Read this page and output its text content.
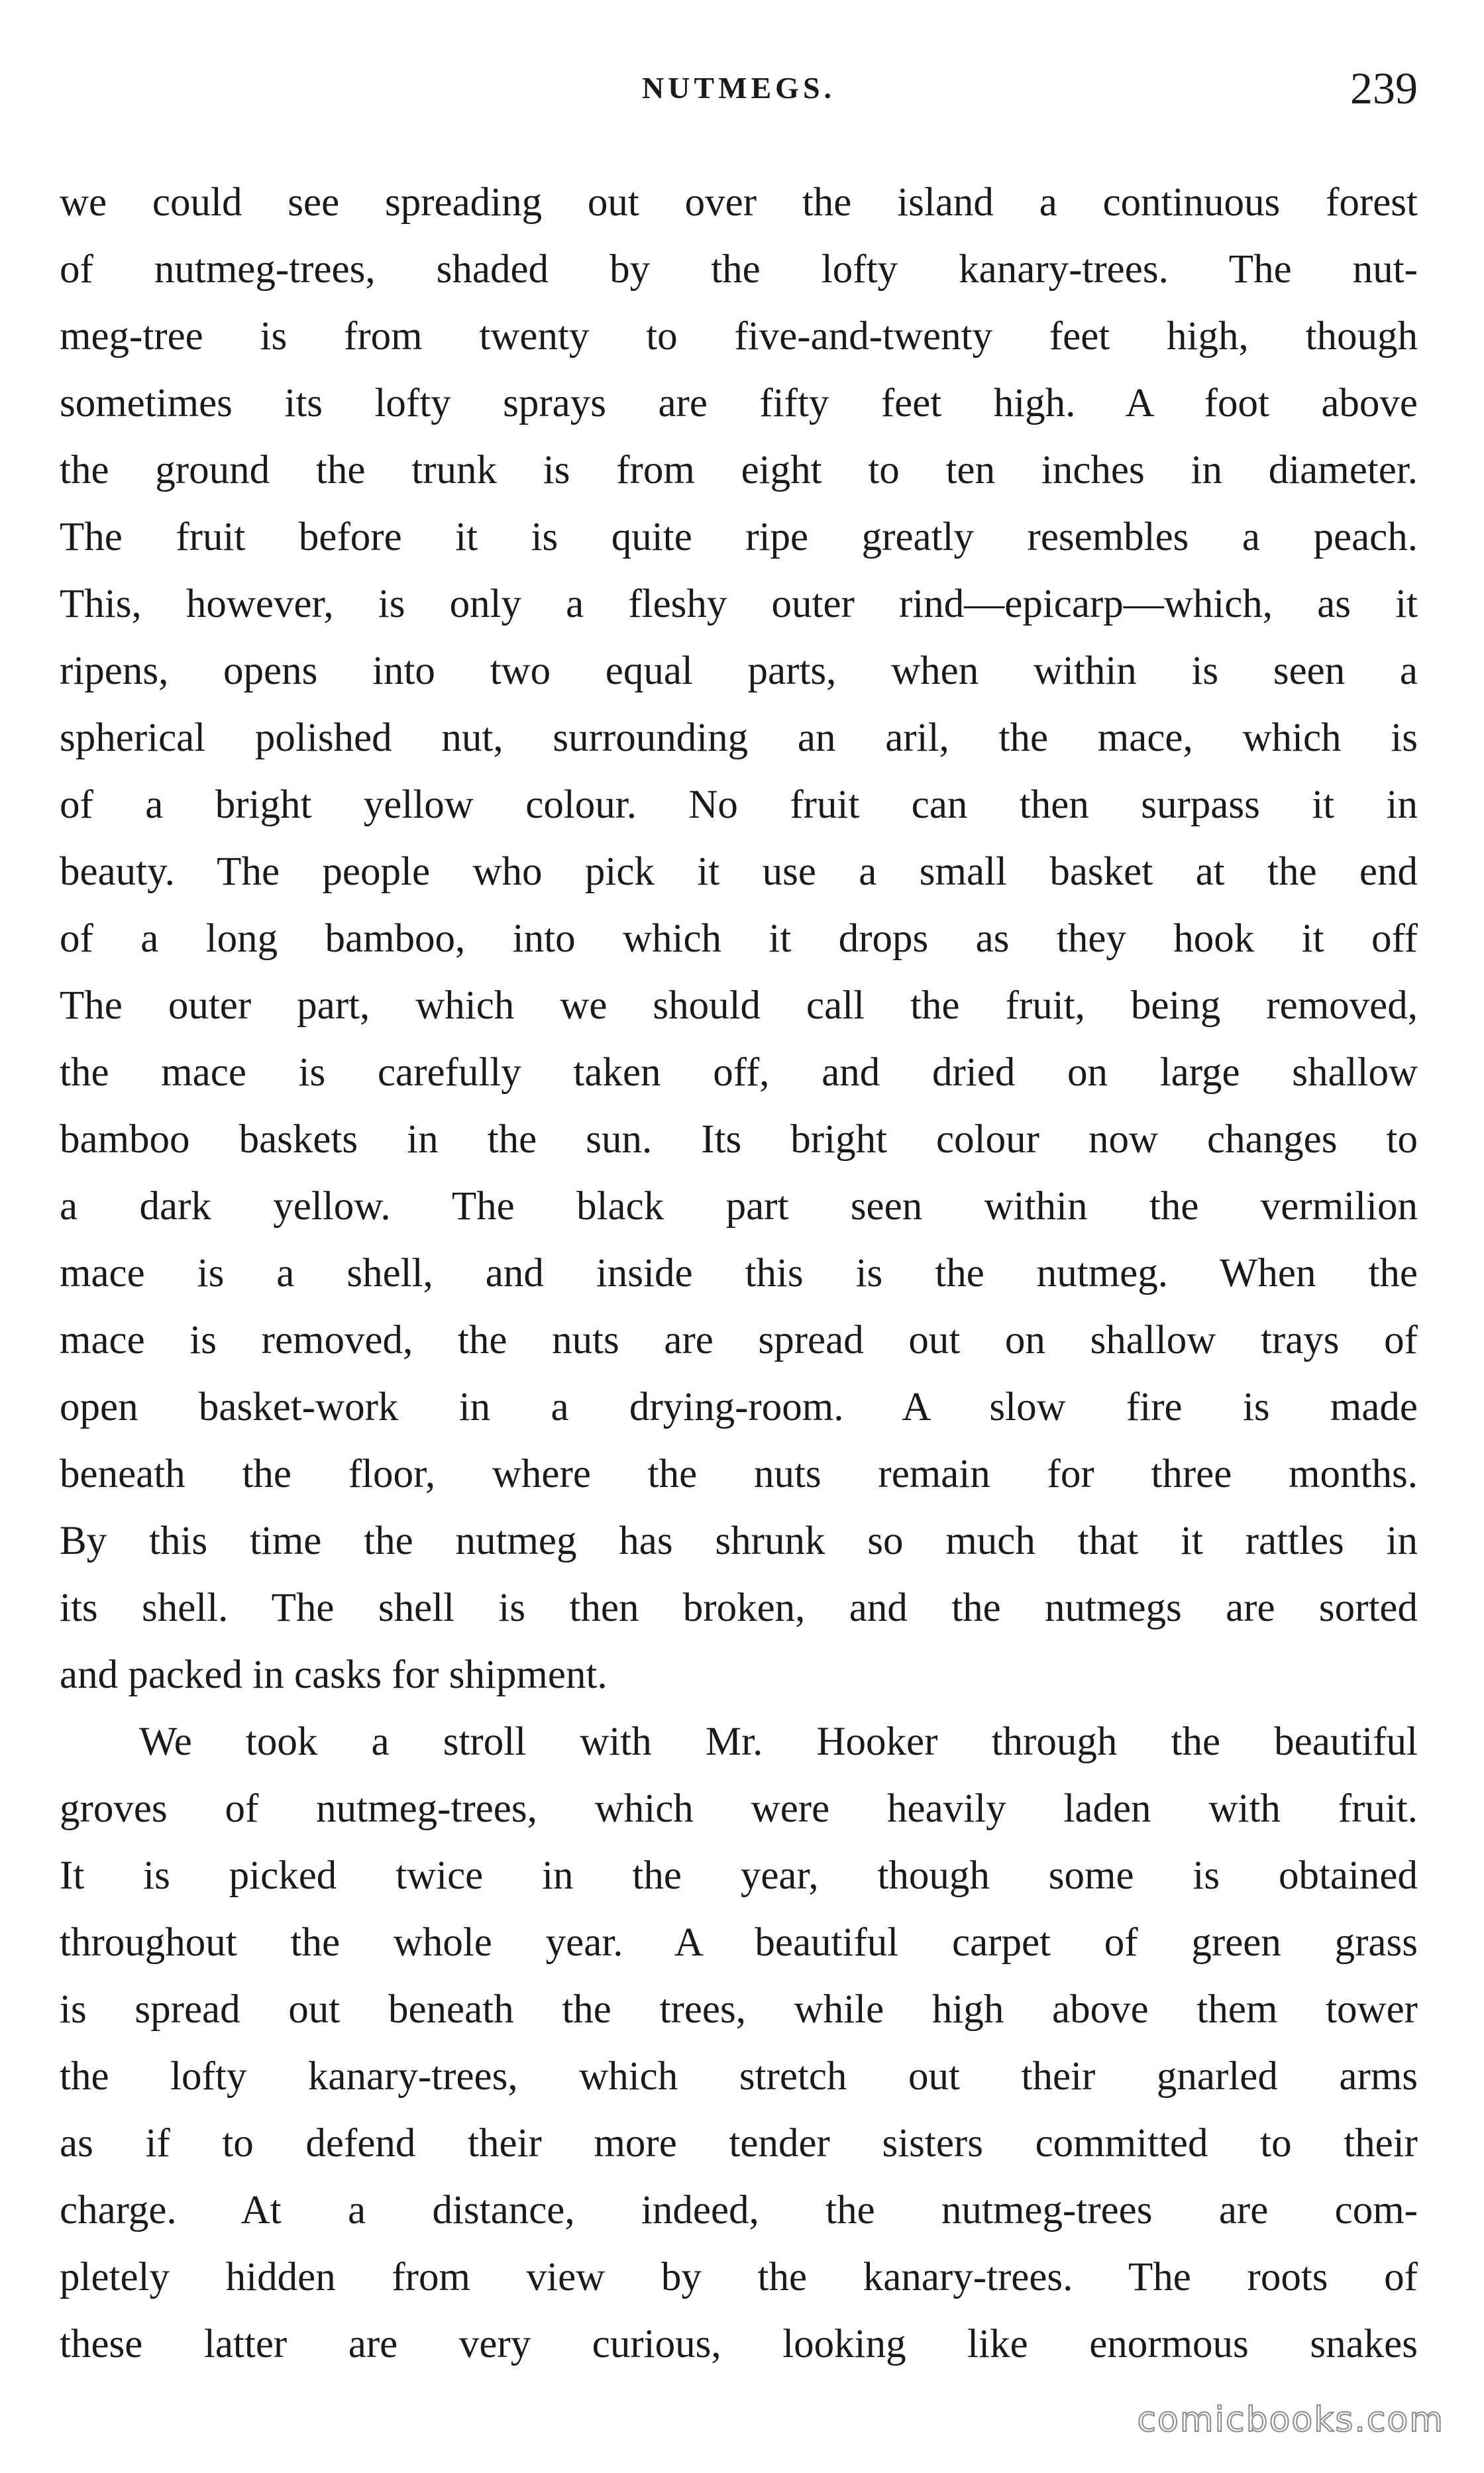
NUTMEGS.	239
we could see spreading out over the island a continuous forest
of nutmeg-trees, shaded by the lofty kanary-trees. The nut-
meg-tree is from twenty to five-and-twenty feet high, though
sometimes its lofty sprays are fifty feet high. A foot above
the ground the trunk is from eight to ten inches in diameter.
The fruit before it is quite ripe greatly resembles a peach.
This, however, is only a fleshy outer rind—epicarp—which, as it
ripens, opens into two equal parts, when within is seen a
spherical polished nut, surrounding an aril, the mace, which is
of a bright yellow colour. No fruit can then surpass it in
beauty. The people who pick it use a small basket at the end
of a long bamboo, into which it drops as they hook it off
The outer part, which we should call the fruit, being removed,
the mace is carefully taken off, and dried on large shallow
bamboo baskets in the sun. Its bright colour now changes to
a dark yellow. The black part seen within the vermilion
mace is a shell, and inside this is the nutmeg. When the
mace is removed, the nuts are spread out on shallow trays of
open basket-work in a drying-room. A slow fire is made
beneath the floor, where the nuts remain for three months.
By this time the nutmeg has shrunk so much that it rattles in
its shell. The shell is then broken, and the nutmegs are sorted
and packed in casks for shipment.
We took a stroll with Mr. Hooker through the beautiful
groves of nutmeg-trees, which were heavily laden with fruit.
It is picked twice in the year, though some is obtained
throughout the whole year. A beautiful carpet of green grass
is spread out beneath the trees, while high above them tower
the lofty kanary-trees, which stretch out their gnarled arms
as if to defend their more tender sisters committed to their
charge. At a distance, indeed, the nutmeg-trees are com-
pletely hidden from view by the kanary-trees. The roots of
these latter are very curious, looking like enormous snakes
comicbooks.com
